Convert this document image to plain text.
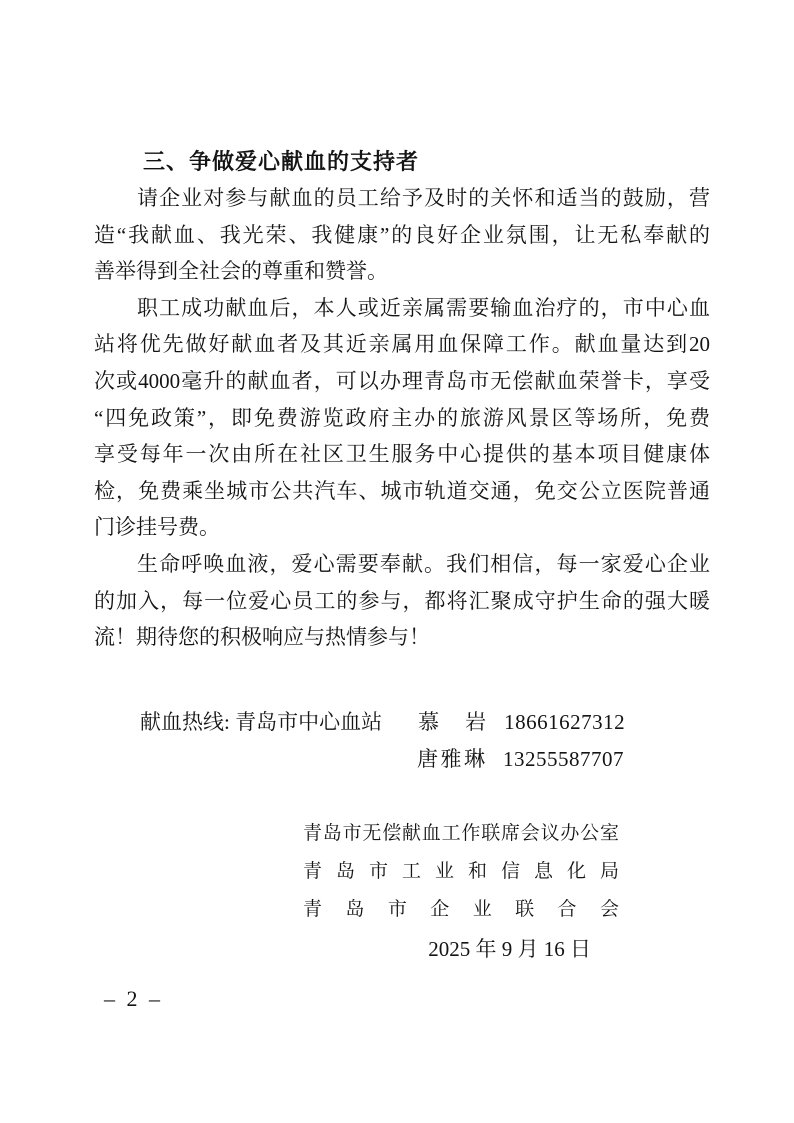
三、争做爱心献血的支持者
请企业对参与献血的员工给予及时的关怀和适当的鼓励，营
造“我献血、我光荣、我健康”的良好企业氛围，让无私奉献的
善举得到全社会的尊重和赞誉。
职工成功献血后，本人或近亲属需要输血治疗的，市中心血
站将优先做好献血者及其近亲属用血保障工作。献血量达到20
次或4000毫升的献血者，可以办理青岛市无偿献血荣誉卡，享受
“四免政策”，即免费游览政府主办的旅游风景区等场所，免费
享受每年一次由所在社区卫生服务中心提供的基本项目健康体
检，免费乘坐城市公共汽车、城市轨道交通，免交公立医院普通
门诊挂号费。
生命呼唤血液，爱心需要奉献。我们相信，每一家爱心企业
的加入，每一位爱心员工的参与，都将汇聚成守护生命的强大暖
流！期待您的积极响应与热情参与！
献血热线: 青岛市中心血站 慕岩 18661627312
唐雅琳 13255587707
青岛市无偿献血工作联席会议办公室
青岛市工业和信息化局
青岛市企业联合会
2025 年 9 月 16 日
– 2 –
